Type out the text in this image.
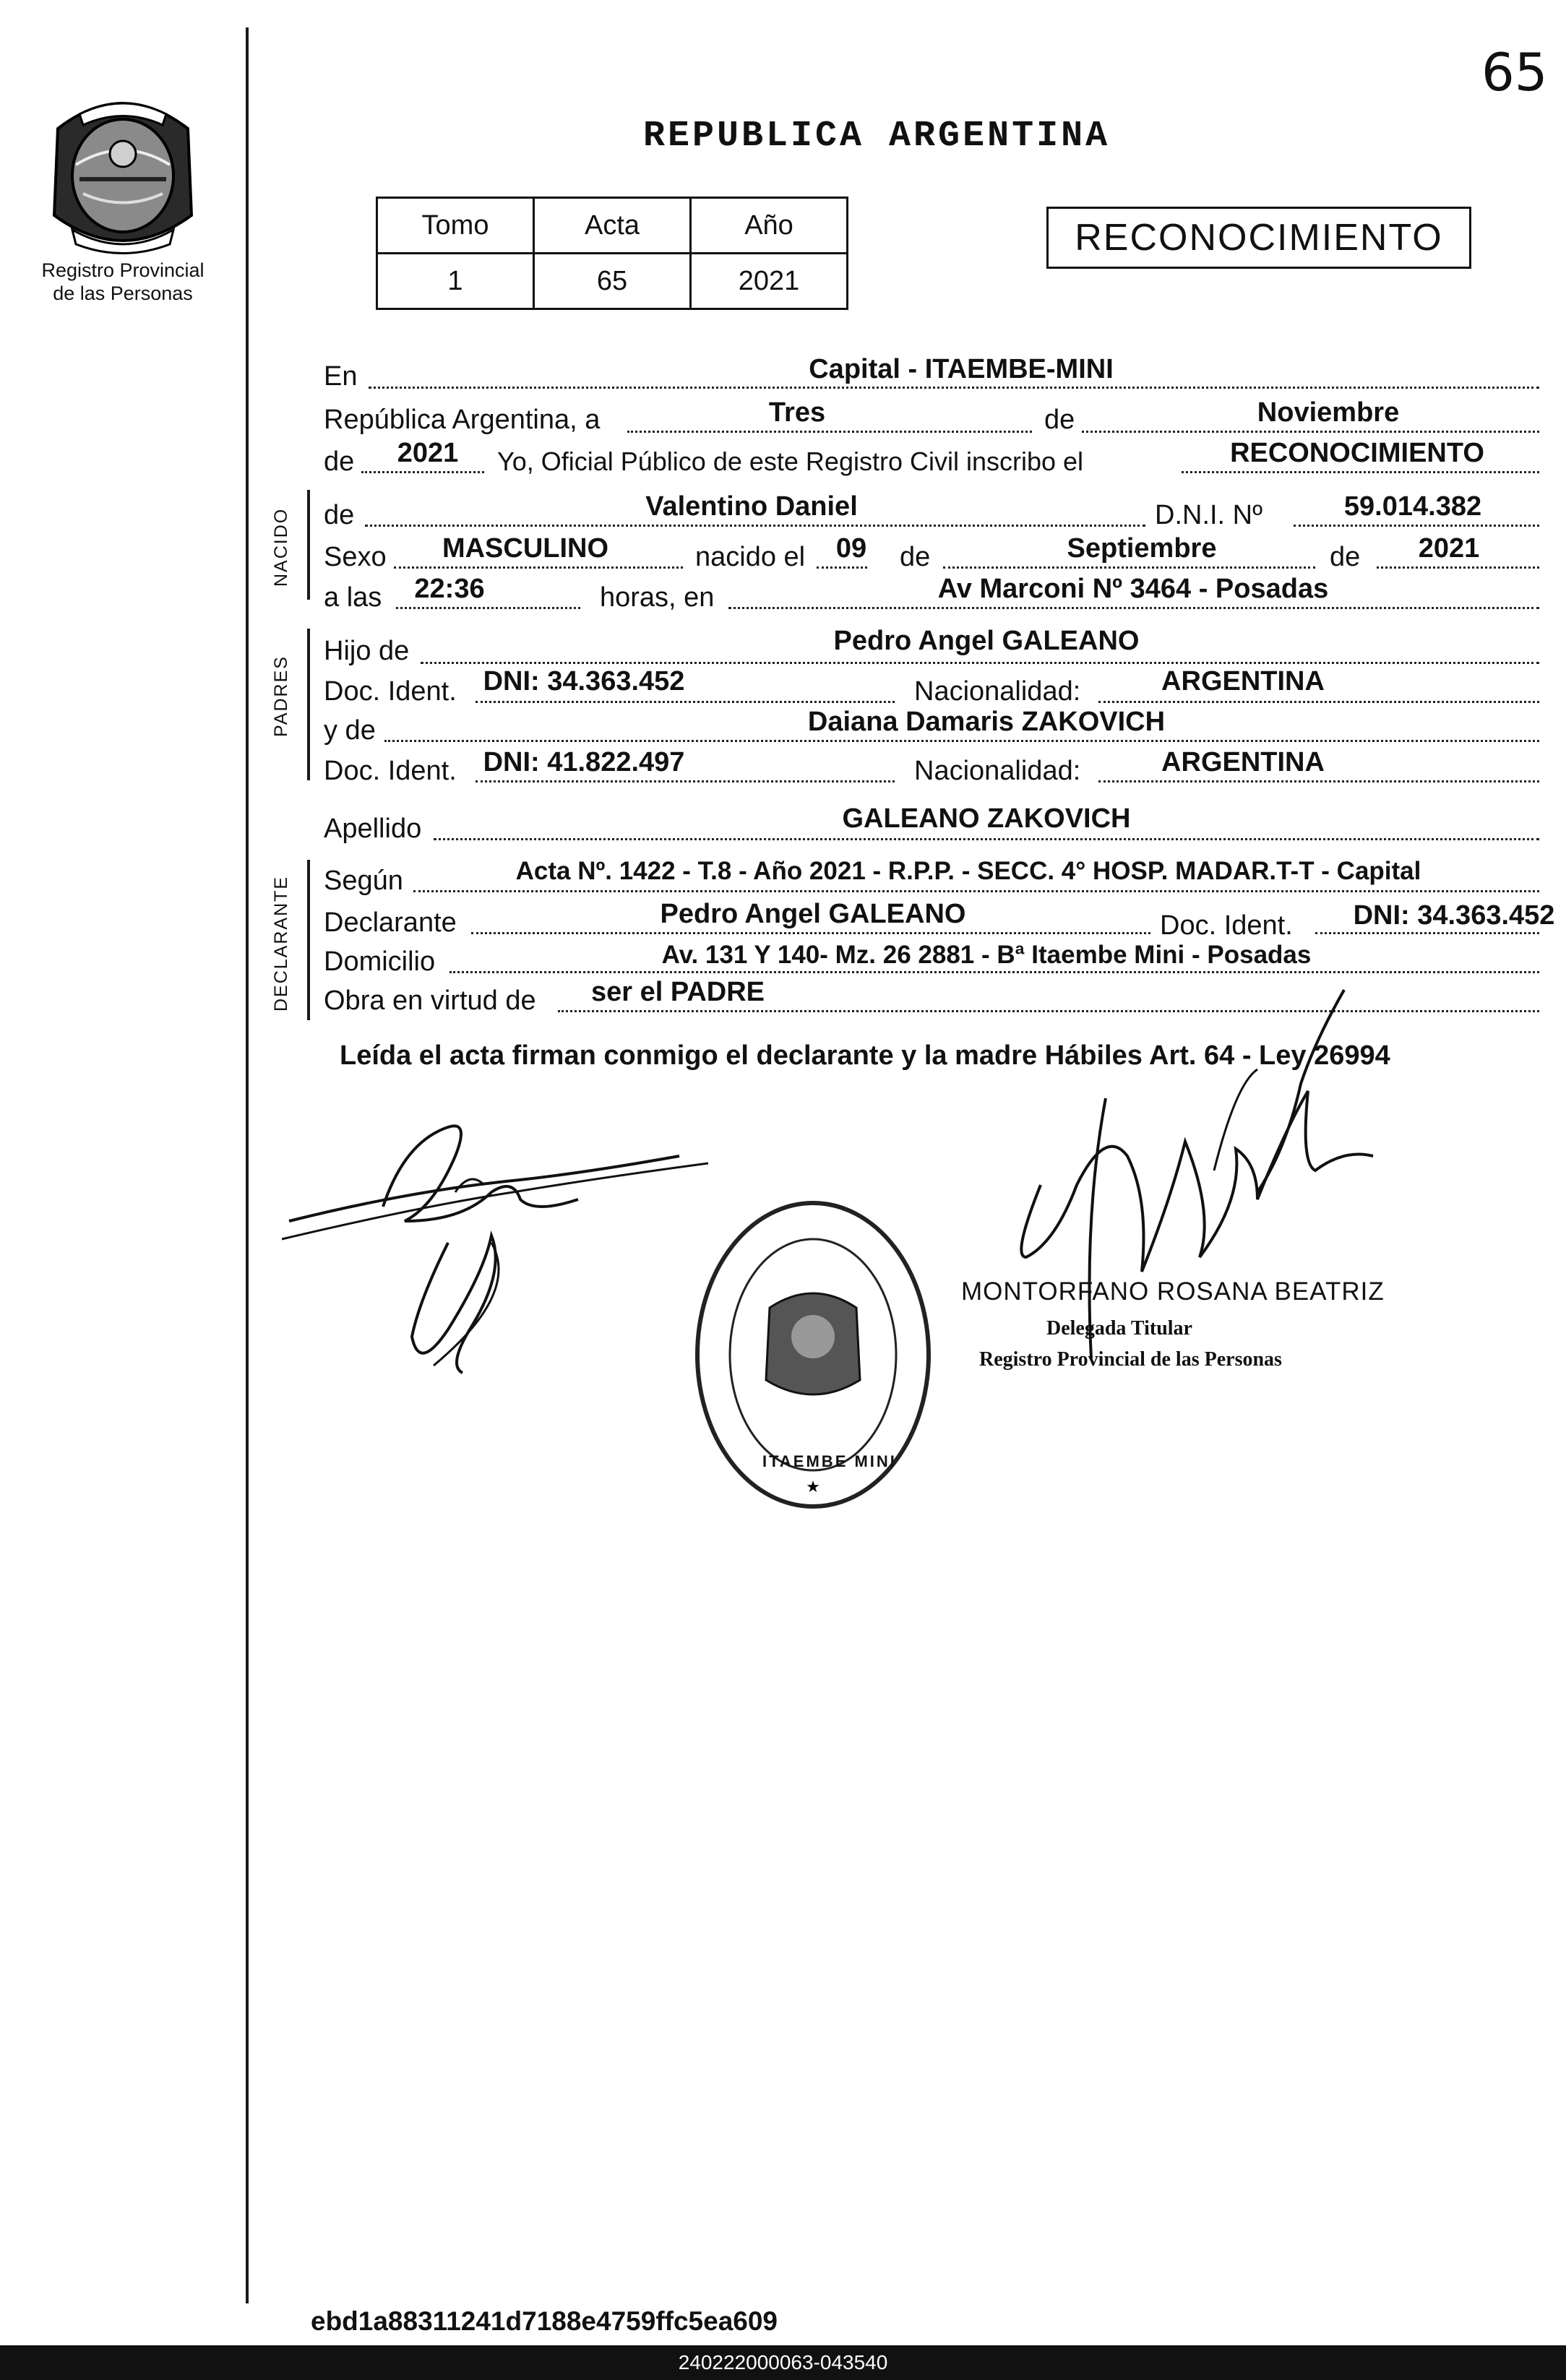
65
Registro Provincial
de las Personas
REPUBLICA ARGENTINA
Tomo	Acta	Año
1	65	2021
RECONOCIMIENTO
En	Capital - ITAEMBE-MINI
República Argentina, a	Tres	de	Noviembre
de 2021 Yo, Oficial Público de este Registro Civil inscribo el	RECONOCIMIENTO
NACIDO de	Valentino Daniel	D.N.I. Nº	59.014.382
Sexo MASCULINO	nacido el 09 de	Septiembre	de 2021
a las 22:36	horas, en	Av Marconi Nº 3464 - Posadas
PADRES
Hijo de	Pedro Angel GALEANO
Doc. Ident. DNI: 34.363.452	Nacionalidad:	ARGENTINA
y de	Daiana Damaris ZAKOVICH
Doc. Ident. DNI: 41.822.497	Nacionalidad:	ARGENTINA
Apellido	GALEANO ZAKOVICH
DECLARANTE Según	Acta Nº. 1422 - T.8 - Año 2021 - R.P.P. - SECC. 4° HOSP. MADAR.T-T - Capital
Declarante	Pedro Angel GALEANO	Doc. Ident. DNI: 34.363.452
Domicilio	Av. 131 Y 140- Mz. 26 2881 - Bª Itaembe Mini - Posadas
Obra en virtud de ser el PADRE
Leída el acta firman conmigo el declarante y la madre Hábiles Art. 64 - Ley 26994
★
ITAEMBE MINI
MONTORFANO ROSANA BEATRIZ
Delegada Titular
Registro Provincial de las Personas
ebd1a88311241d7188e4759ffc5ea609
240222000063-043540
